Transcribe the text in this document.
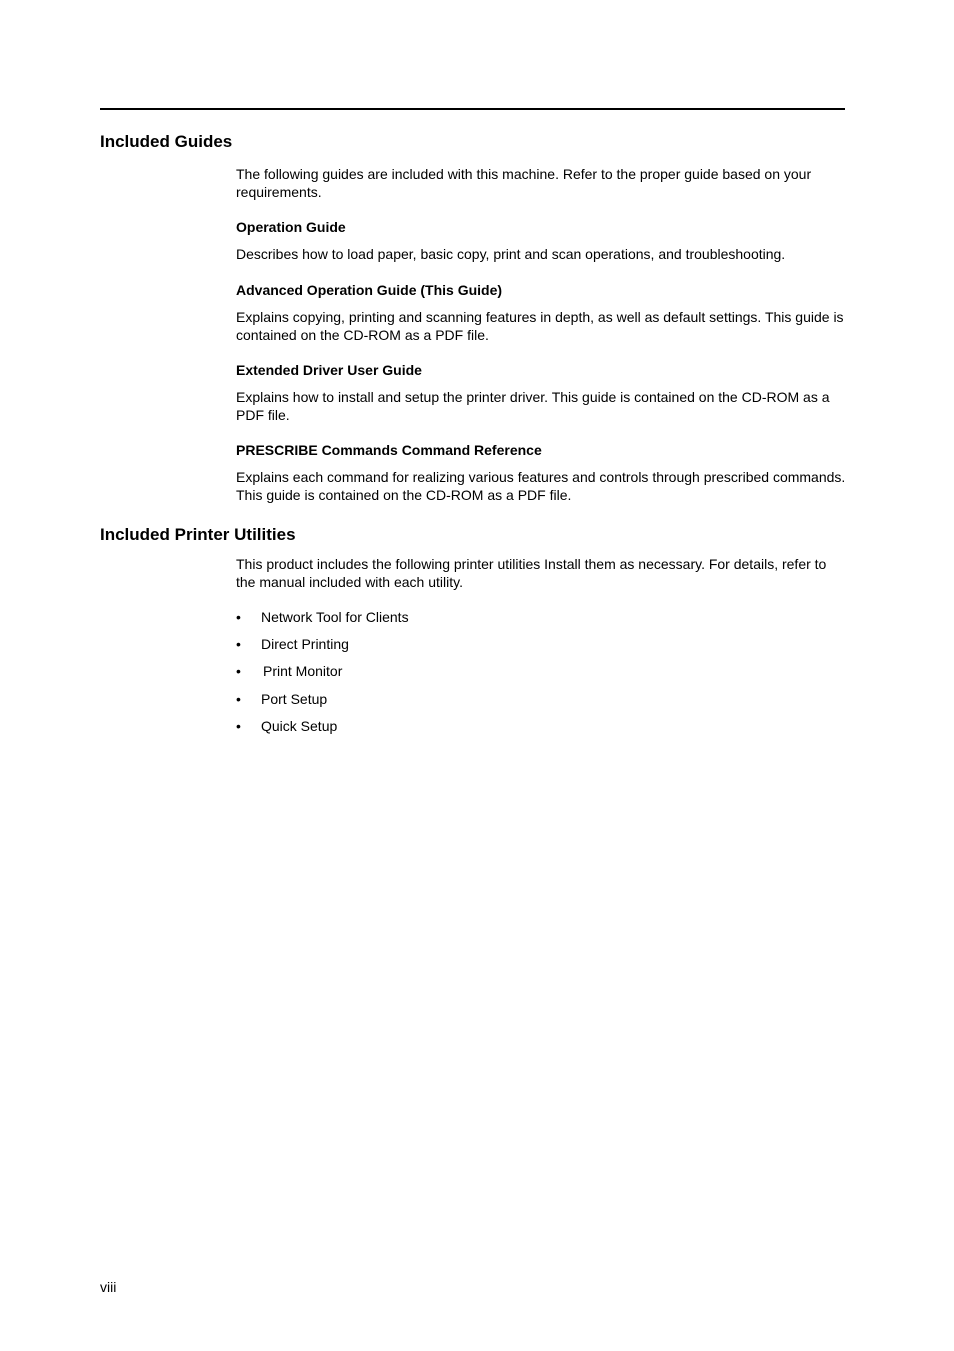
Included Guides

The following guides are included with this machine. Refer to the proper guide based on your requirements.

Operation Guide

Describes how to load paper, basic copy, print and scan operations, and troubleshooting.

Advanced Operation Guide (This Guide)

Explains copying, printing and scanning features in depth, as well as default settings. This guide is contained on the CD-ROM as a PDF file.

Extended Driver User Guide

Explains how to install and setup the printer driver. This guide is contained on the CD-ROM as a PDF file.

PRESCRIBE Commands Command Reference

Explains each command for realizing various features and controls through prescribed commands. This guide is contained on the CD-ROM as a PDF file.

Included Printer Utilities

This product includes the following printer utilities Install them as necessary. For details, refer to the manual included with each utility.

• Network Tool for Clients
• Direct Printing
• Print Monitor
• Port Setup
• Quick Setup
viii
